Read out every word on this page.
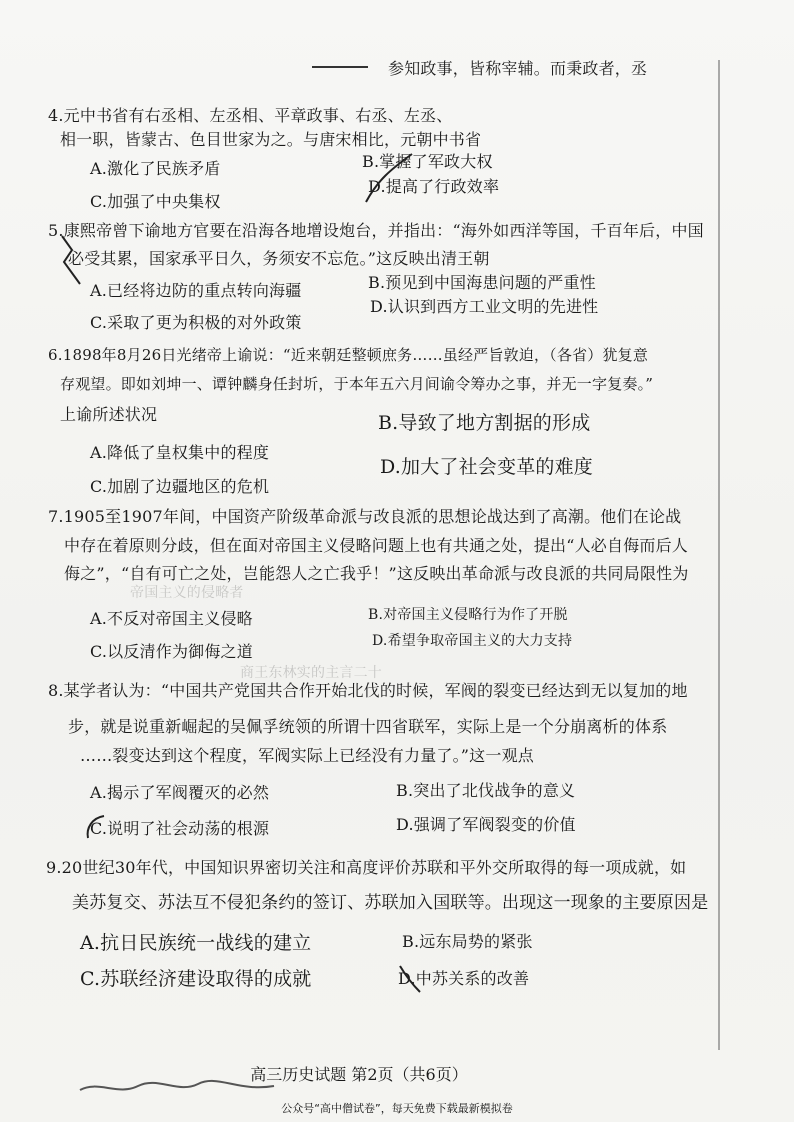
参知政事，皆称宰辅。而秉政者，丞
4.元中书省有右丞相、左丞相、平章政事、右丞、左丞、
相一职，皆蒙古、色目世家为之。与唐宋相比，元朝中书省
B.掌握了军政大权
A.激化了民族矛盾
D.提高了行政效率
C.加强了中央集权
5.康熙帝曾下谕地方官要在沿海各地增设炮台，并指出：“海外如西洋等国，千百年后，中国
必受其累，国家承平日久，务须安不忘危。”这反映出清王朝
B.预见到中国海患问题的严重性
A.已经将边防的重点转向海疆
D.认识到西方工业文明的先进性
C.采取了更为积极的对外政策
6.1898年8月26日光绪帝上谕说：“近来朝廷整顿庶务……虽经严旨敦迫，（各省）犹复意
存观望。即如刘坤一、谭钟麟身任封圻，于本年五六月间谕令筹办之事，并无一字复奏。”
上谕所述状况	B.导致了地方割据的形成
A.降低了皇权集中的程度
D.加大了社会变革的难度
C.加剧了边疆地区的危机
7.1905至1907年间，中国资产阶级革命派与改良派的思想论战达到了高潮。他们在论战
中存在着原则分歧，但在面对帝国主义侵略问题上也有共通之处，提出“人必自侮而后人
侮之”，“自有可亡之处，岂能怨人之亡我乎！”这反映出革命派与改良派的共同局限性为
B.对帝国主义侵略行为作了开脱
A.不反对帝国主义侵略
D.希望争取帝国主义的大力支持
C.以反清作为御侮之道
帝国主义的侵略者
商王东林实的主言二十
8.某学者认为：“中国共产党国共合作开始北伐的时候，军阀的裂变已经达到无以复加的地
步，就是说重新崛起的吴佩孚统领的所谓十四省联军，实际上是一个分崩离析的体系
……裂变达到这个程度，军阀实际上已经没有力量了。”这一观点
A.揭示了军阀覆灭的必然	B.突出了北伐战争的意义
C.说明了社会动荡的根源	D.强调了军阀裂变的价值
9.20世纪30年代，中国知识界密切关注和高度评价苏联和平外交所取得的每一项成就，如
美苏复交、苏法互不侵犯条约的签订、苏联加入国联等。出现这一现象的主要原因是
A.抗日民族统一战线的建立	B.远东局势的紧张
C.苏联经济建设取得的成就	D.中苏关系的改善
高三历史试题 第2页（共6页）
公众号“高中僧试卷”，每天免费下载最新模拟卷
